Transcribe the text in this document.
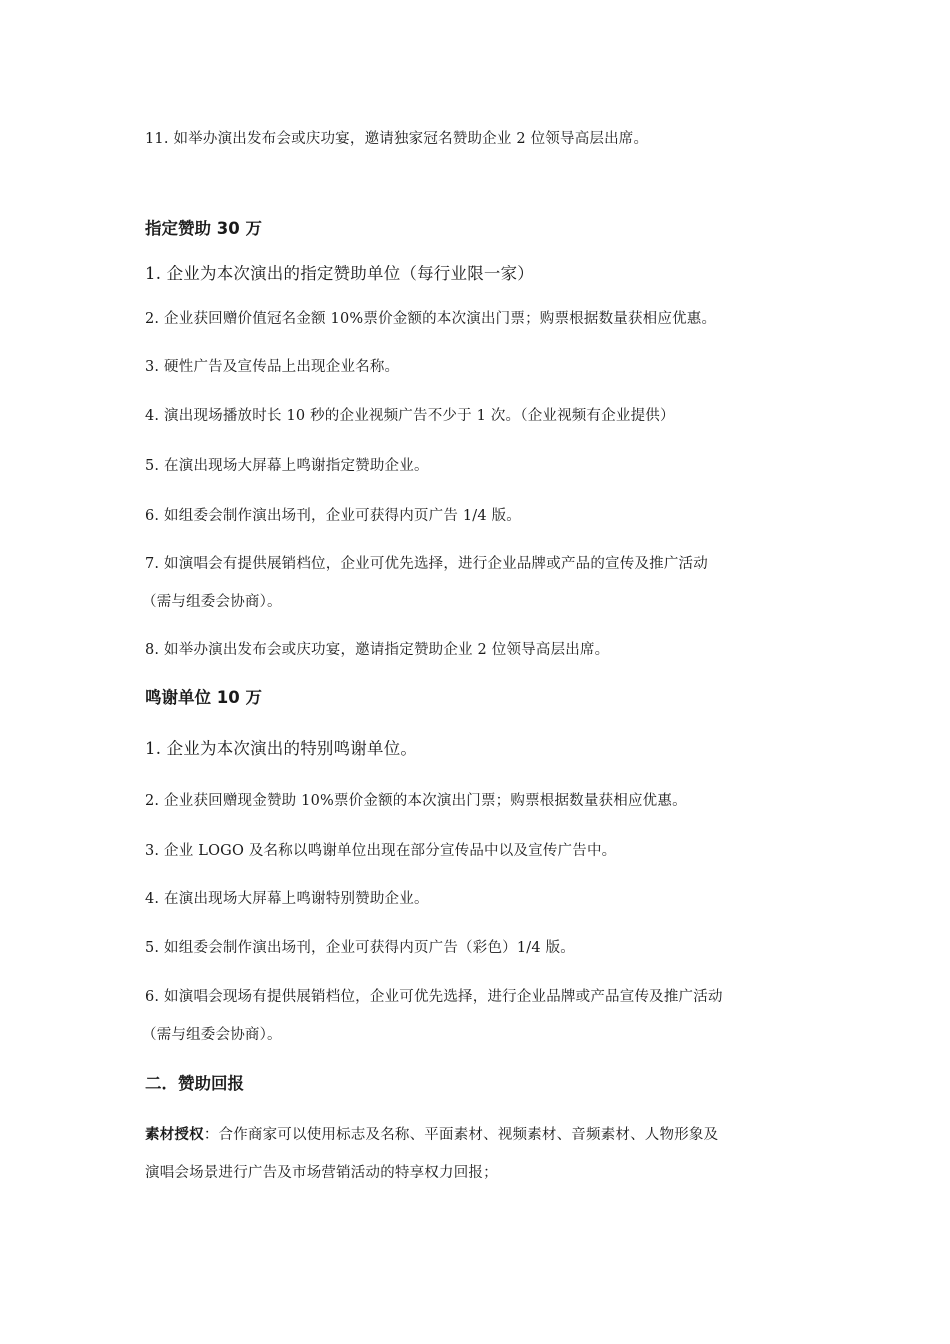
11. 如举办演出发布会或庆功宴，邀请独家冠名赞助企业 2 位领导高层出席。
指定赞助 30 万
1. 企业为本次演出的指定赞助单位（每行业限一家）
2. 企业获回赠价值冠名金额 10%票价金额的本次演出门票；购票根据数量获相应优惠。
3. 硬性广告及宣传品上出现企业名称。
4. 演出现场播放时长 10 秒的企业视频广告不少于 1 次。（企业视频有企业提供）
5. 在演出现场大屏幕上鸣谢指定赞助企业。
6. 如组委会制作演出场刊，企业可获得内页广告 1/4 版。
7. 如演唱会有提供展销档位，企业可优先选择，进行企业品牌或产品的宣传及推广活动
（需与组委会协商）。
8. 如举办演出发布会或庆功宴，邀请指定赞助企业 2 位领导高层出席。
鸣谢单位 10 万
1. 企业为本次演出的特别鸣谢单位。
2. 企业获回赠现金赞助 10%票价金额的本次演出门票；购票根据数量获相应优惠。
3. 企业 LOGO 及名称以鸣谢单位出现在部分宣传品中以及宣传广告中。
4. 在演出现场大屏幕上鸣谢特别赞助企业。
5. 如组委会制作演出场刊，企业可获得内页广告（彩色）1/4 版。
6. 如演唱会现场有提供展销档位，企业可优先选择，进行企业品牌或产品宣传及推广活动
（需与组委会协商）。
二．赞助回报
素材授权：合作商家可以使用标志及名称、平面素材、视频素材、音频素材、人物形象及
演唱会场景进行广告及市场营销活动的特享权力回报；
